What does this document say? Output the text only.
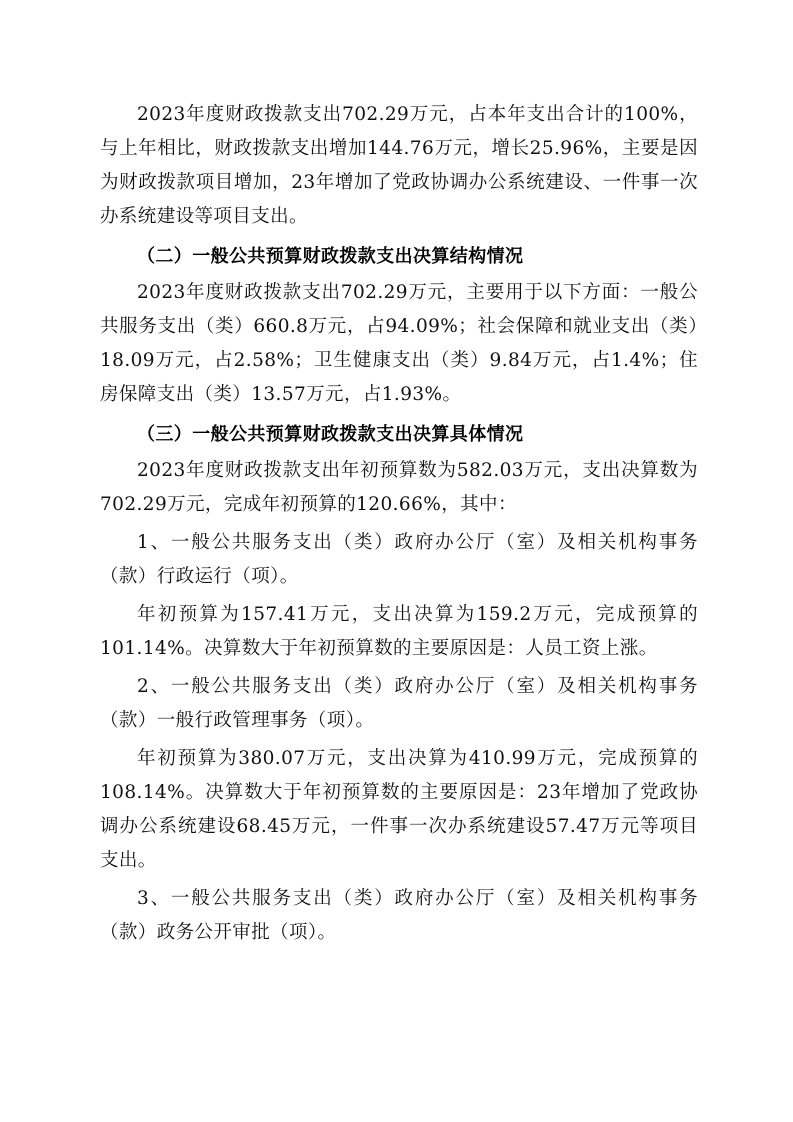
2023年度财政拨款支出702.29万元，占本年支出合计的100%，与上年相比，财政拨款支出增加144.76万元，增长25.96%，主要是因为财政拨款项目增加，23年增加了党政协调办公系统建设、一件事一次办系统建设等项目支出。

（二）一般公共预算财政拨款支出决算结构情况

2023年度财政拨款支出702.29万元，主要用于以下方面：一般公共服务支出（类）660.8万元，占94.09%；社会保障和就业支出（类）18.09万元，占2.58%；卫生健康支出（类）9.84万元，占1.4%；住房保障支出（类）13.57万元，占1.93%。

（三）一般公共预算财政拨款支出决算具体情况

2023年度财政拨款支出年初预算数为582.03万元，支出决算数为702.29万元，完成年初预算的120.66%，其中：

1、一般公共服务支出（类）政府办公厅（室）及相关机构事务（款）行政运行（项）。

年初预算为157.41万元，支出决算为159.2万元，完成预算的101.14%。决算数大于年初预算数的主要原因是：人员工资上涨。

2、一般公共服务支出（类）政府办公厅（室）及相关机构事务（款）一般行政管理事务（项）。

年初预算为380.07万元，支出决算为410.99万元，完成预算的108.14%。决算数大于年初预算数的主要原因是：23年增加了党政协调办公系统建设68.45万元，一件事一次办系统建设57.47万元等项目支出。

3、一般公共服务支出（类）政府办公厅（室）及相关机构事务（款）政务公开审批（项）。
